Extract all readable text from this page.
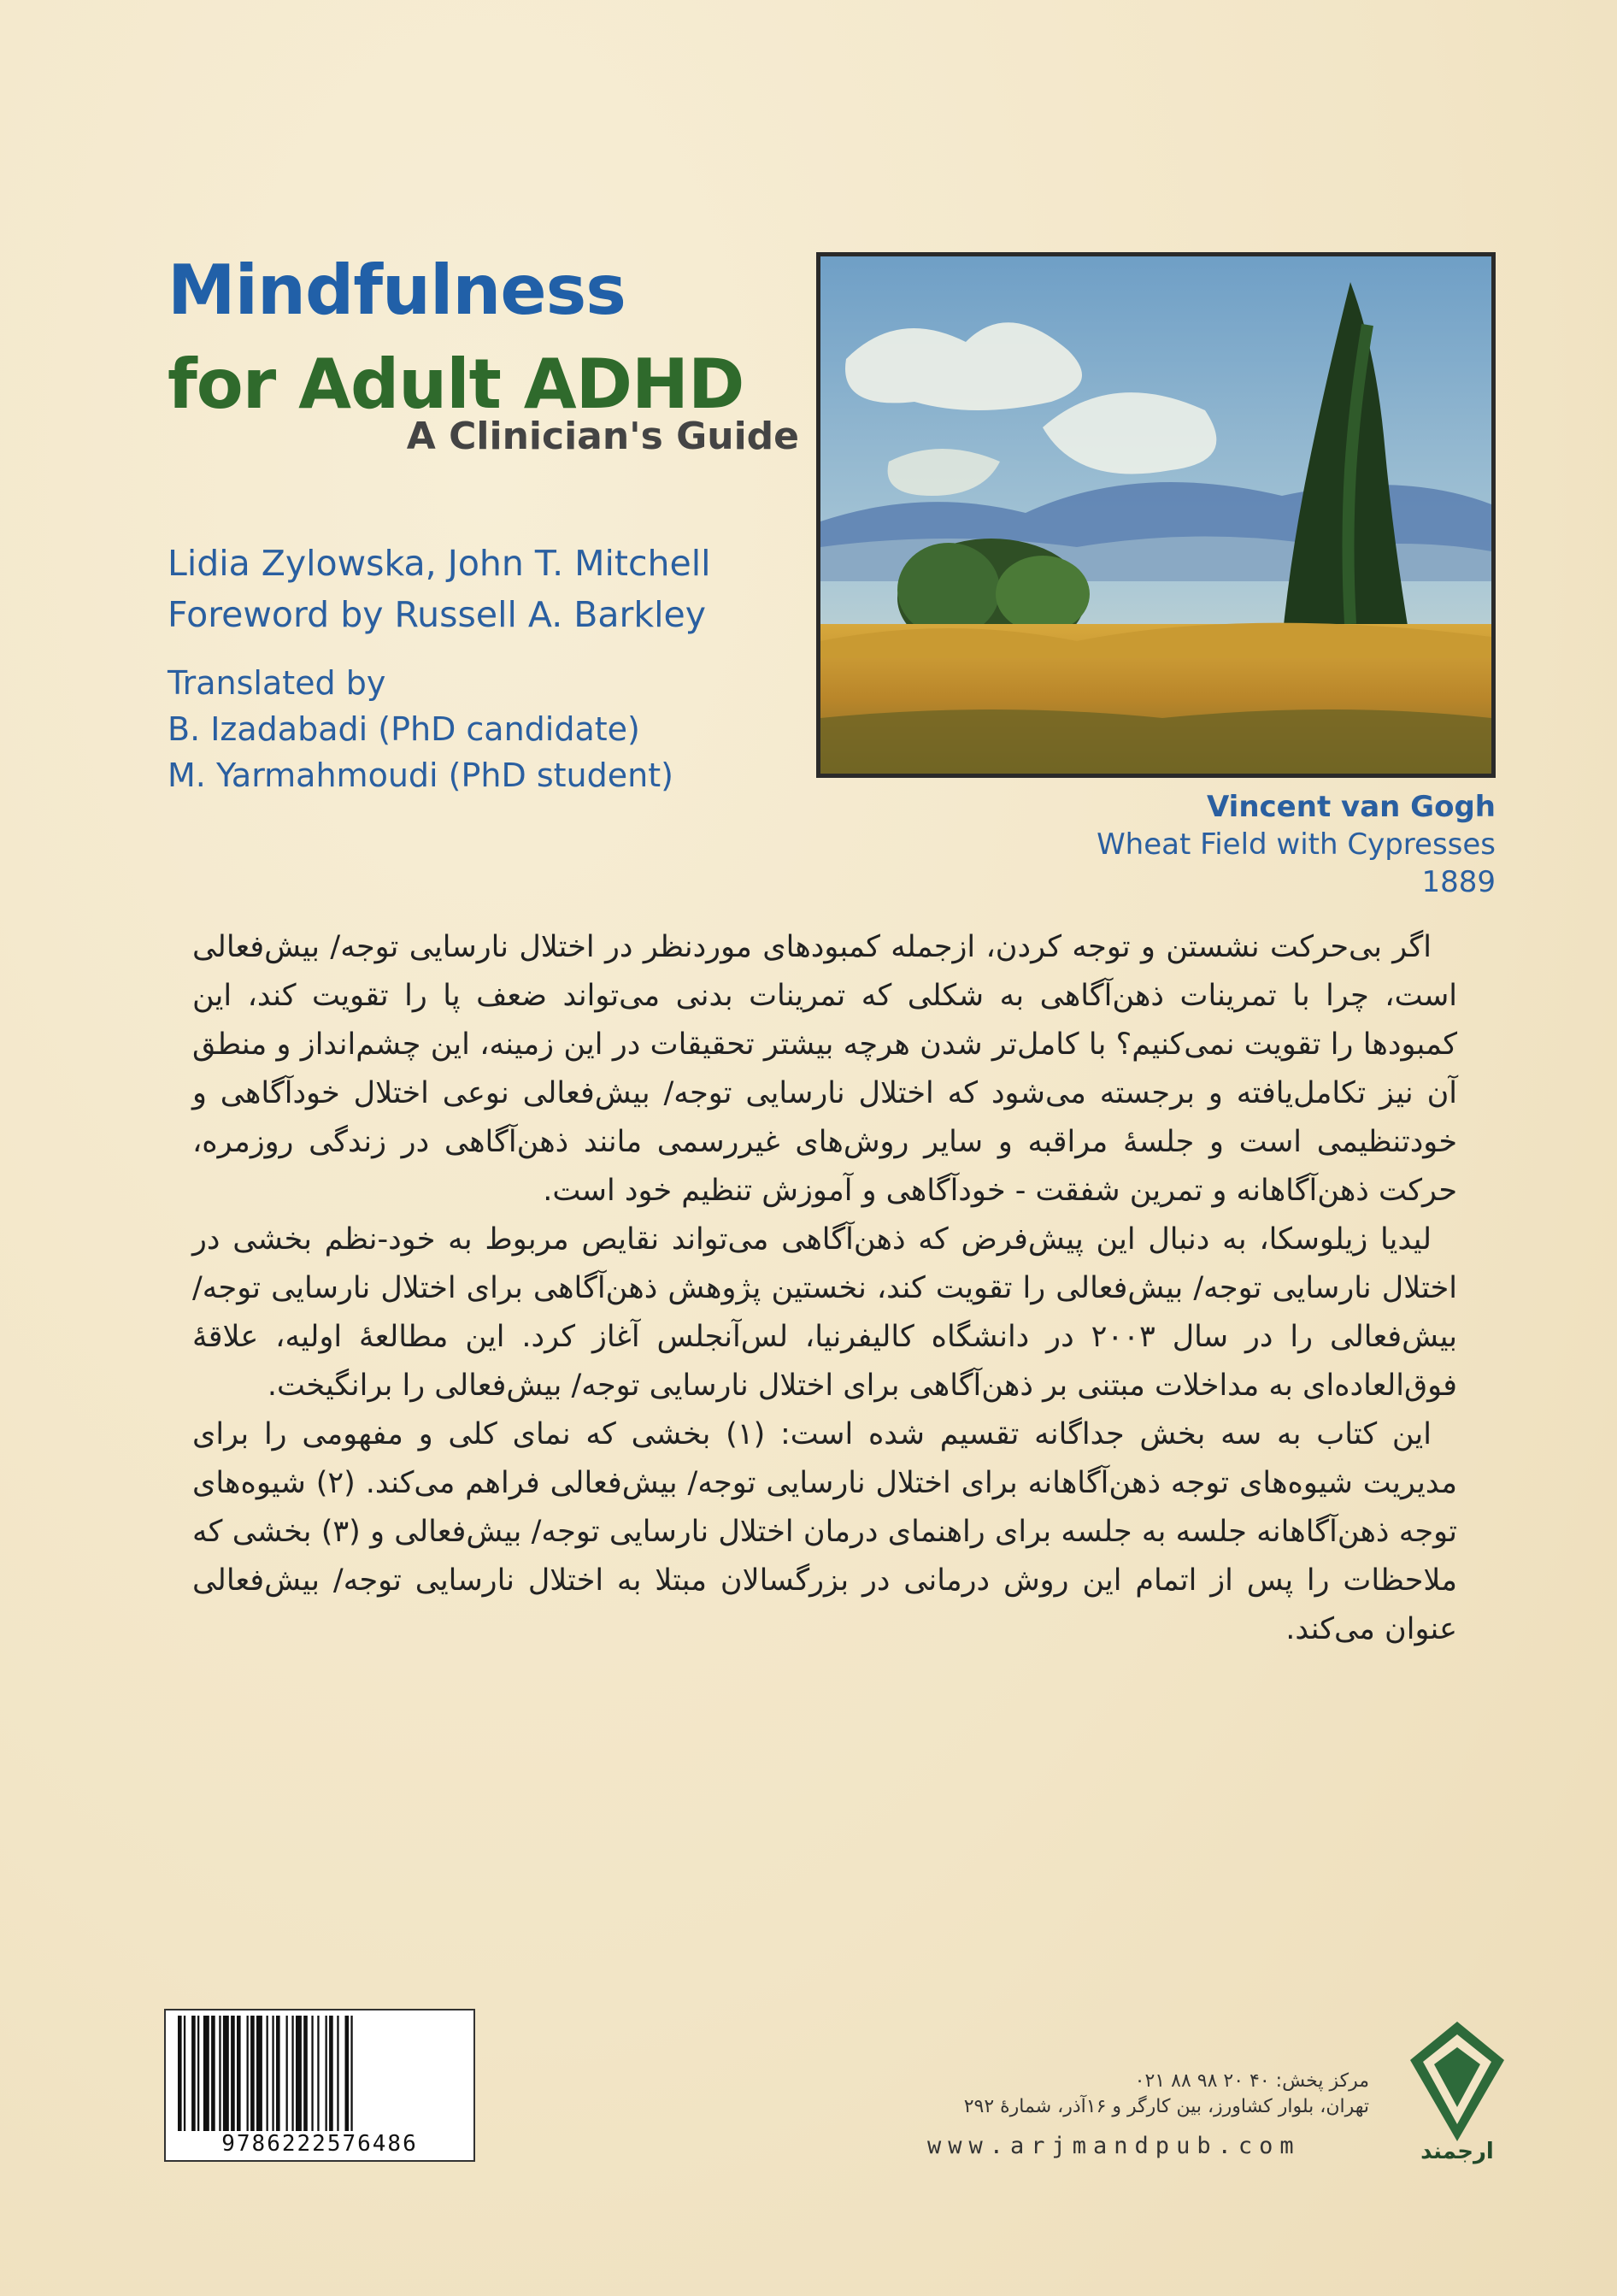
Mindfulness
for Adult ADHD
A Clinician's Guide
Lidia Zylowska, John T. Mitchell
Foreword by Russell A. Barkley
Translated by
B. Izadabadi (PhD candidate)
M. Yarmahmoudi (PhD student)
Vincent van Gogh
Wheat Field with Cypresses
1889

اگر بی‌حرکت نشستن و توجه کردن، ازجمله کمبودهای موردنظر در اختلال نارسایی توجه/ بیش‌فعالی است، چرا با تمرینات ذهن‌آگاهی به شکلی که تمرینات بدنی می‌تواند ضعف پا را تقویت کند، این کمبودها را تقویت نمی‌کنیم؟ با کامل‌تر شدن هرچه بیشتر تحقیقات در این زمینه، این چشم‌انداز و منطق آن نیز تکامل‌یافته و برجسته می‌شود که اختلال نارسایی توجه/ بیش‌فعالی نوعی اختلال خودآگاهی و خودتنظیمی است و جلسهٔ مراقبه و سایر روش‌های غیررسمی مانند ذهن‌آگاهی در زندگی روزمره، حرکت ذهن‌آگاهانه و تمرین شفقت - خودآگاهی و آموزش تنظیم خود است.

لیدیا زیلوسکا، به دنبال این پیش‌فرض که ذهن‌آگاهی می‌تواند نقایص مربوط به خود-نظم بخشی در اختلال نارسایی توجه/ بیش‌فعالی را تقویت کند، نخستین پژوهش ذهن‌آگاهی برای اختلال نارسایی توجه/ بیش‌فعالی را در سال ۲۰۰۳ در دانشگاه کالیفرنیا، لس‌آنجلس آغاز کرد. این مطالعهٔ اولیه، علاقهٔ فوق‌العاده‌ای به مداخلات مبتنی بر ذهن‌آگاهی برای اختلال نارسایی توجه/ بیش‌فعالی را برانگیخت.

این کتاب به سه بخش جداگانه تقسیم شده است: (۱) بخشی که نمای کلی و مفهومی را برای مدیریت شیوه‌های توجه ذهن‌آگاهانه برای اختلال نارسایی توجه/ بیش‌فعالی فراهم می‌کند. (۲) شیوه‌های توجه ذهن‌آگاهانه جلسه به جلسه برای راهنمای درمان اختلال نارسایی توجه/ بیش‌فعالی و (۳) بخشی که ملاحظات را پس از اتمام این روش درمانی در بزرگسالان مبتلا به اختلال نارسایی توجه/ بیش‌فعالی عنوان می‌کند.

9786222576486
مرکز پخش: ۴۰ ۲۰ ۹۸ ۸۸ ۰۲۱
تهران، بلوار کشاورز، بین کارگر و ۱۶آذر، شمارهٔ ۲۹۲
www.arjmandpub.com	ارجمند
